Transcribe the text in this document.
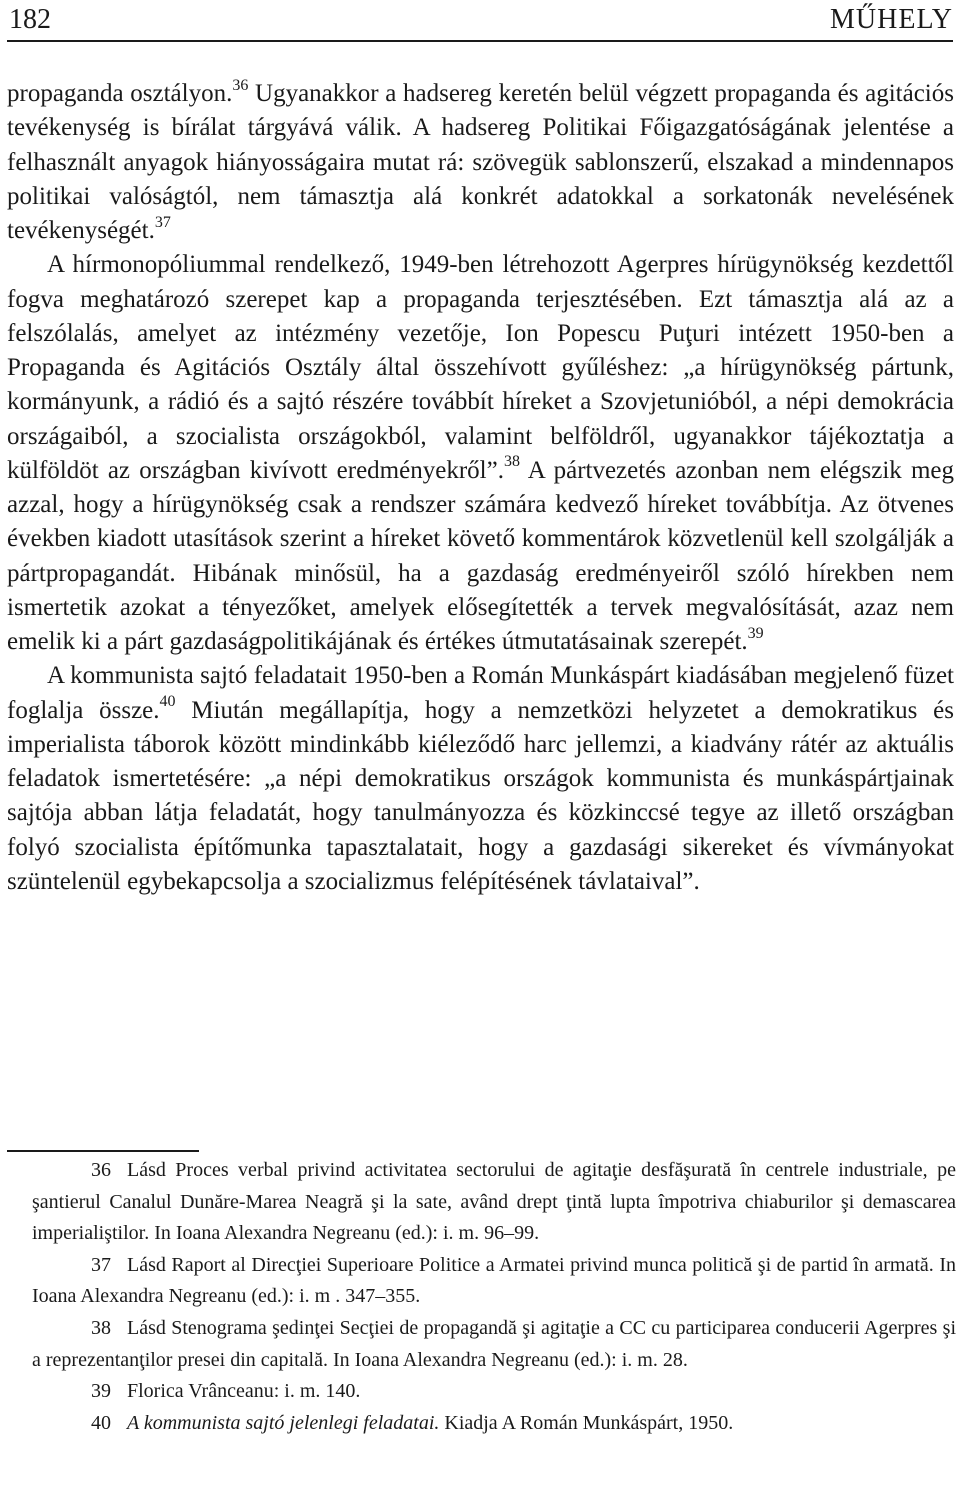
182	MŰHELY

propaganda osztályon.$^{36}$ Ugyanakkor a hadsereg keretén belül végzett propaganda és agitációs tevékenység is bírálat tárgyává válik. A hadsereg Politikai Főigazgatóságának jelentése a felhasznált anyagok hiányosságaira mutat rá: szövegük sablonszerű, elszakad a mindennapos politikai valóságtól, nem támasztja alá konkrét adatokkal a sorkatonák nevelésének tevékenységét.$^{37}$

A hírmonopóliummal rendelkező, 1949-ben létrehozott Agerpres hírügynökség kezdettől fogva meghatározó szerepet kap a propaganda terjesztésében. Ezt támasztja alá az a felszólalás, amelyet az intézmény vezetője, Ion Popescu Puţuri intézett 1950-ben a Propaganda és Agitációs Osztály által összehívott gyűléshez: „a hírügynökség pártunk, kormányunk, a rádió és a sajtó részére továbbít híreket a Szovjetunióból, a népi demokrácia országaiból, a szocialista országokból, valamint belföldről, ugyanakkor tájékoztatja a külföldöt az országban kivívott eredményekről”.$^{38}$ A pártvezetés azonban nem elégszik meg azzal, hogy a hírügynökség csak a rendszer számára kedvező híreket továbbítja. Az ötvenes években kiadott utasítások szerint a híreket követő kommentárok közvetlenül kell szolgálják a pártpropagandát. Hibának minősül, ha a gazdaság eredményeiről szóló hírekben nem ismertetik azokat a tényezőket, amelyek elősegítették a tervek megvalósítását, azaz nem emelik ki a párt gazdaságpolitikájának és értékes útmutatásainak szerepét.$^{39}$

A kommunista sajtó feladatait 1950-ben a Román Munkáspárt kiadásában megjelenő füzet foglalja össze.$^{40}$ Miután megállapítja, hogy a nemzetközi helyzetet a demokratikus és imperialista táborok között mindinkább kiéleződő harc jellemzi, a kiadvány rátér az aktuális feladatok ismertetésére: „a népi demokratikus országok kommunista és munkáspártjainak sajtója abban látja feladatát, hogy tanulmányozza és közkinccsé tegye az illető országban folyó szocialista építőmunka tapasztalatait, hogy a gazdasági sikereket és vívmányokat szüntelenül egybekapcsolja a szocializmus felépítésének távlataival”.

36 Lásd Proces verbal privind activitatea sectorului de agitaţie desfăşurată în centrele industriale, pe şantierul Canalul Dunăre-Marea Neagră şi la sate, având drept ţintă lupta împotriva chiaburilor şi demascarea imperialiştilor. In Ioana Alexandra Negreanu (ed.): i. m. 96–99.

37 Lásd Raport al Direcţiei Superioare Politice a Armatei privind munca politică şi de partid în armată. In Ioana Alexandra Negreanu (ed.): i. m . 347–355.

38 Lásd Stenograma şedinţei Secţiei de propagandă şi agitaţie a CC cu participarea conducerii Agerpres şi a reprezentanţilor presei din capitală. In Ioana Alexandra Negreanu (ed.): i. m. 28.

39 Florica Vrânceanu: i. m. 140.

40 A kommunista sajtó jelenlegi feladatai. Kiadja A Román Munkáspárt, 1950.
